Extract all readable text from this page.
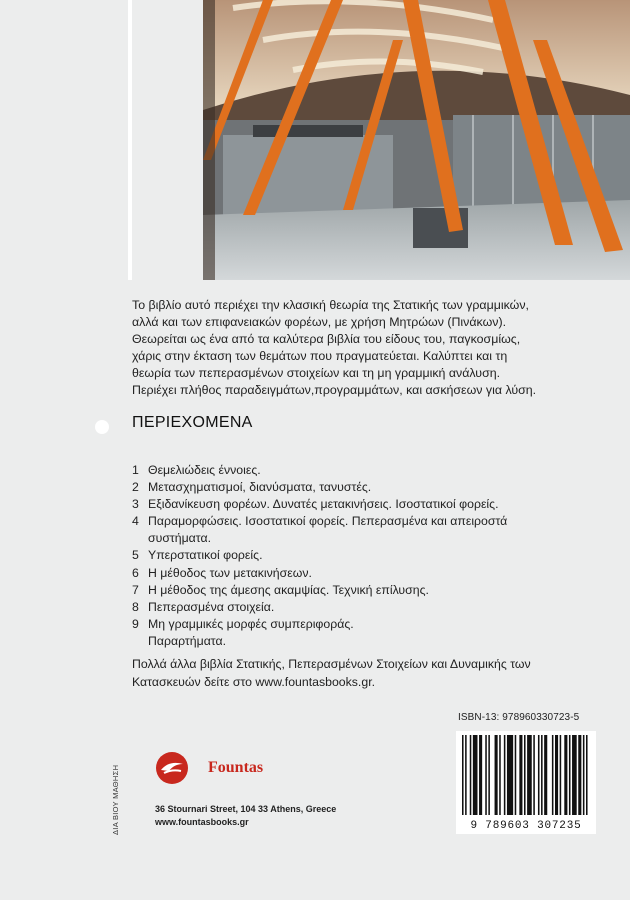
Το βιβλίο αυτό περιέχει την κλασική θεωρία της Στατικής των γραμμικών,
αλλά και των επιφανειακών φορέων, με χρήση Μητρώων (Πινάκων).
Θεωρείται ως ένα από τα καλύτερα βιβλία του είδους του, παγκοσμίως,
χάρις στην έκταση των θεμάτων που πραγματεύεται. Καλύπτει και τη
θεωρία των πεπερασμένων στοιχείων και τη μη γραμμική ανάλυση.
Περιέχει πλήθος παραδειγμάτων,προγραμμάτων, και ασκήσεων για λύση.
ΠΕΡΙΕΧΟΜΕΝΑ
1 Θεμελιώδεις έννοιες.
2 Μετασχηματισμοί, διανύσματα, τανυστές.
3 Εξιδανίκευση φορέων. Δυνατές μετακινήσεις. Ισοστατικοί φορείς.
4 Παραμορφώσεις. Ισοστατικοί φορείς. Πεπερασμένα και απειροστά
συστήματα.
5 Υπερστατικοί φορείς.
6 Η μέθοδος των μετακινήσεων.
7 Η μέθοδος της άμεσης ακαμψίας. Τεχνική επίλυσης.
8 Πεπερασμένα στοιχεία.
9 Μη γραμμικές μορφές συμπεριφοράς.
Παραρτήματα.
Πολλά άλλα βιβλία Στατικής, Πεπερασμένων Στοιχείων και Δυναμικής των
Κατασκευών δείτε στο www.fountasbooks.gr.
ISBN-13: 978960330723-5
9 789603 307235
ΔΙΑ ΒΙΟΥ ΜΑΘΗΣΗ	Fountas
36 Stournari Street, 104 33 Athens, Greece
www.fountasbooks.gr
